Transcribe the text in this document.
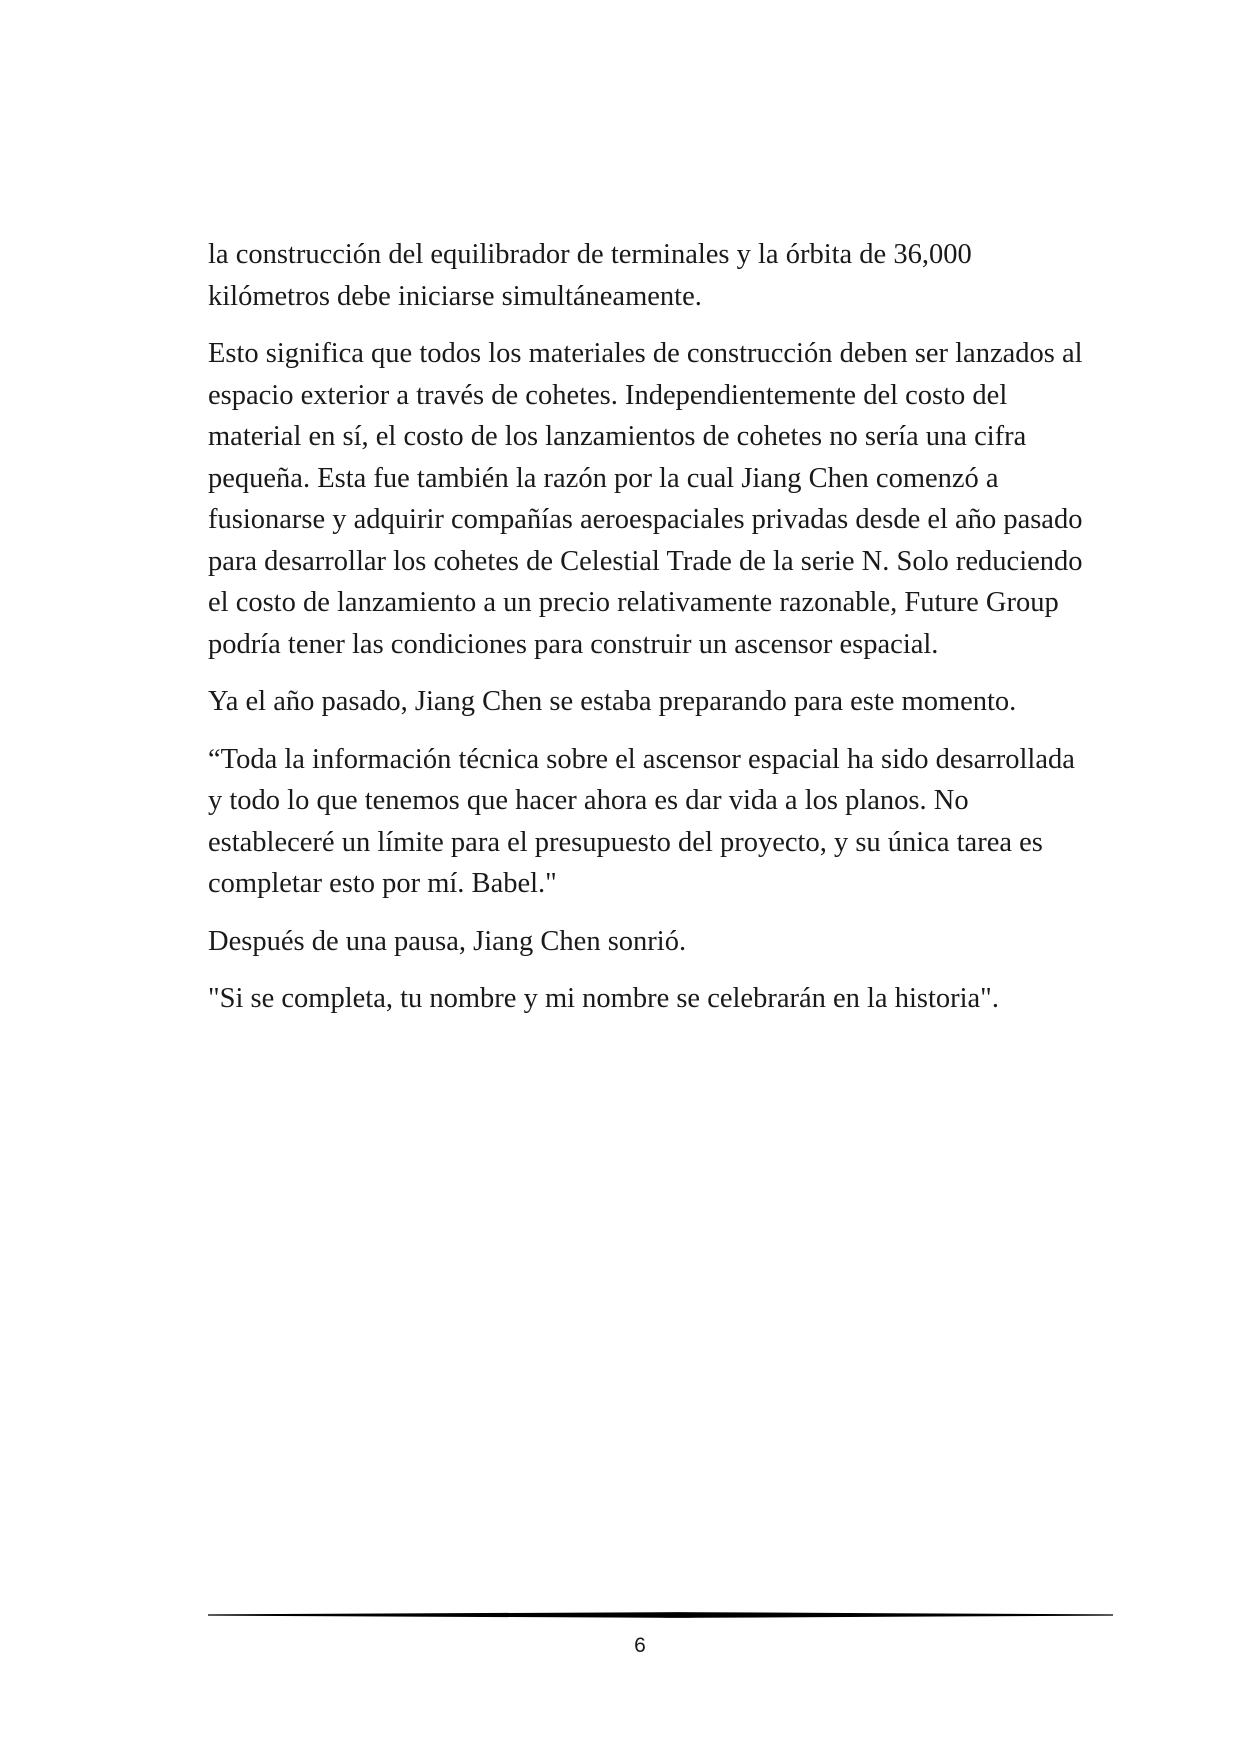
la construcción del equilibrador de terminales y la órbita de 36,000 kilómetros debe iniciarse simultáneamente.

Esto significa que todos los materiales de construcción deben ser lanzados al espacio exterior a través de cohetes. Independientemente del costo del material en sí, el costo de los lanzamientos de cohetes no sería una cifra pequeña. Esta fue también la razón por la cual Jiang Chen comenzó a fusionarse y adquirir compañías aeroespaciales privadas desde el año pasado para desarrollar los cohetes de Celestial Trade de la serie N. Solo reduciendo el costo de lanzamiento a un precio relativamente razonable, Future Group podría tener las condiciones para construir un ascensor espacial.

Ya el año pasado, Jiang Chen se estaba preparando para este momento.

“Toda la información técnica sobre el ascensor espacial ha sido desarrollada y todo lo que tenemos que hacer ahora es dar vida a los planos. No estableceré un límite para el presupuesto del proyecto, y su única tarea es completar esto por mí. Babel."

Después de una pausa, Jiang Chen sonrió.

"Si se completa, tu nombre y mi nombre se celebrarán en la historia".

6
